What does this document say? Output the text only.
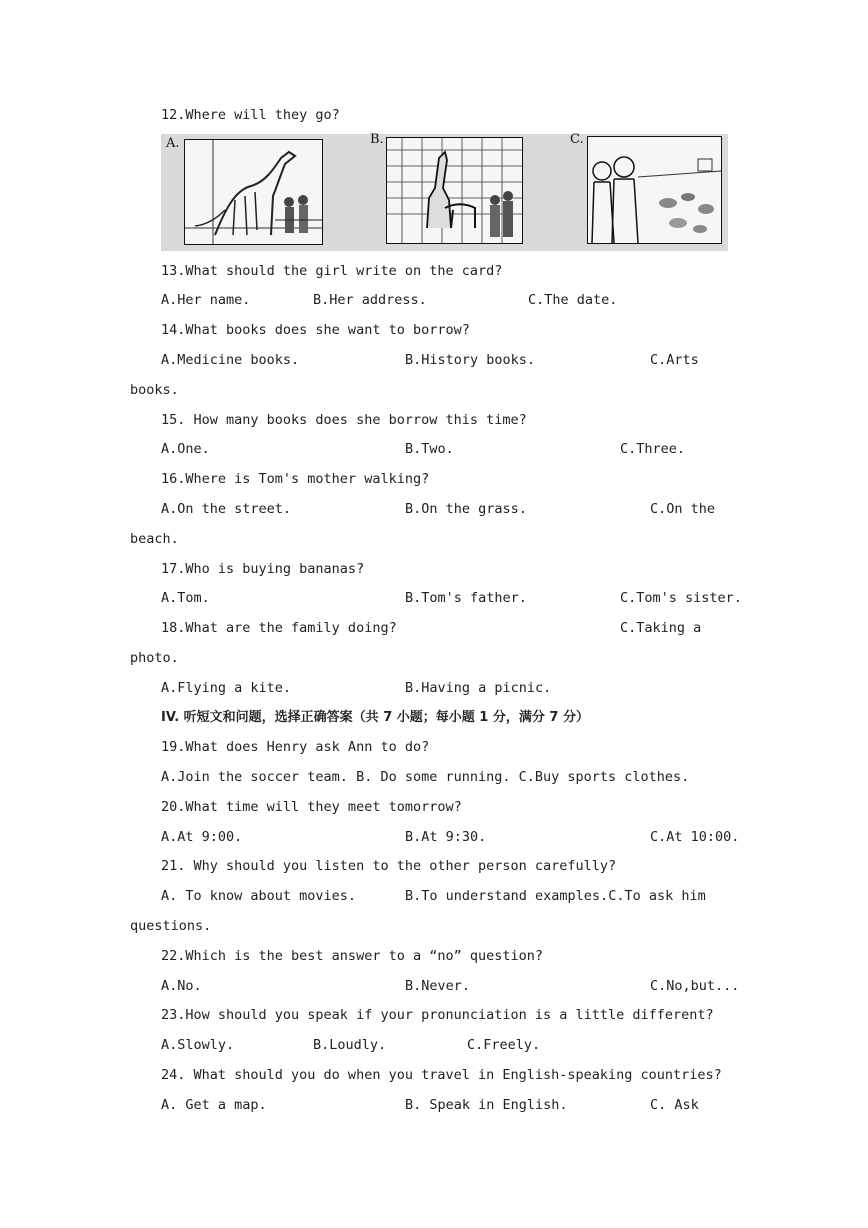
12.Where will they go?
A.	B.	C.
13.What should the girl write on the card?
A.Her name.	B.Her address.	C.The date.
14.What books does she want to borrow?
A.Medicine books.	B.History books.	C.Arts
books.
15. How many books does she borrow this time?
A.One.	B.Two.	C.Three.
16.Where is Tom's mother walking?
A.On the street.	B.On the grass.	C.On the
beach.
17.Who is buying bananas?
A.Tom.	B.Tom's father.	C.Tom's sister.
18.What are the family doing?	C.Taking a
photo.
A.Flying a kite.	B.Having a picnic.
IV. 听短文和问题，选择正确答案（共 7 小题；每小题 1 分，满分 7 分）
19.What does Henry ask Ann to do?
A.Join the soccer team. B. Do some running. C.Buy sports clothes.
20.What time will they meet tomorrow?
A.At 9:00.	B.At 9:30.	C.At 10:00.
21. Why should you listen to the other person carefully?
A. To know about movies.	B.To understand examples.C.To ask him
questions.
22.Which is the best answer to a “no” question?
A.No.	B.Never.	C.No,but...
23.How should you speak if your pronunciation is a little different?
A.Slowly.	B.Loudly.	C.Freely.
24. What should you do when you travel in English-speaking countries?
A. Get a map.	B. Speak in English.	C. Ask
